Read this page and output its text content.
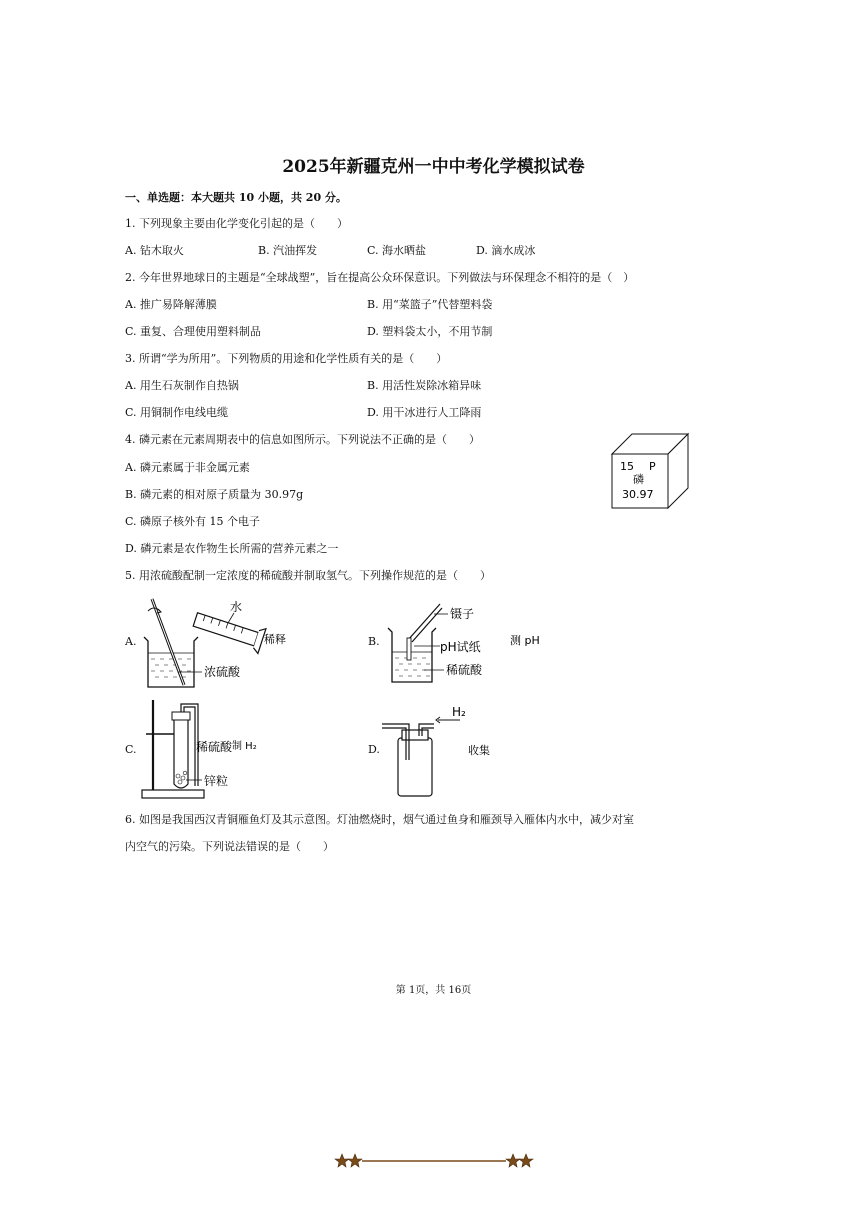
2025年新疆克州一中中考化学模拟试卷
一、单选题：本大题共 10 小题，共 20 分。
1. 下列现象主要由化学变化引起的是（　　）
A. 钻木取火	B. 汽油挥发	C. 海水晒盐	D. 滴水成冰
2. 今年世界地球日的主题是“全球战塑”，旨在提高公众环保意识。下列做法与环保理念不相符的是（　）
A. 推广易降解薄膜	B. 用“菜篮子”代替塑料袋
C. 重复、合理使用塑料制品	D. 塑料袋太小，不用节制
3. 所谓“学为所用”。下列物质的用途和化学性质有关的是（　　）
A. 用生石灰制作自热锅	B. 用活性炭除冰箱异味
C. 用铜制作电线电缆	D. 用干冰进行人工降雨
4. 磷元素在元素周期表中的信息如图所示。下列说法不正确的是（　　）
A. 磷元素属于非金属元素
B. 磷元素的相对原子质量为 30.97g
C. 磷原子核外有 15 个电子
D. 磷元素是农作物生长所需的营养元素之一
15 P
磷
30.97
5. 用浓硫酸配制一定浓度的稀硫酸并制取氢气。下列操作规范的是（　　）
A.
水
稀释
浓硫酸
B.
镊子
pH试纸	测 pH
稀硫酸
C.	稀硫酸 制 H₂
锌粒
D.
H₂
收集
6. 如图是我国西汉青铜雁鱼灯及其示意图。灯油燃烧时，烟气通过鱼身和雁颈导入雁体内水中，减少对室
内空气的污染。下列说法错误的是（　　）
第 1页，共 16页
